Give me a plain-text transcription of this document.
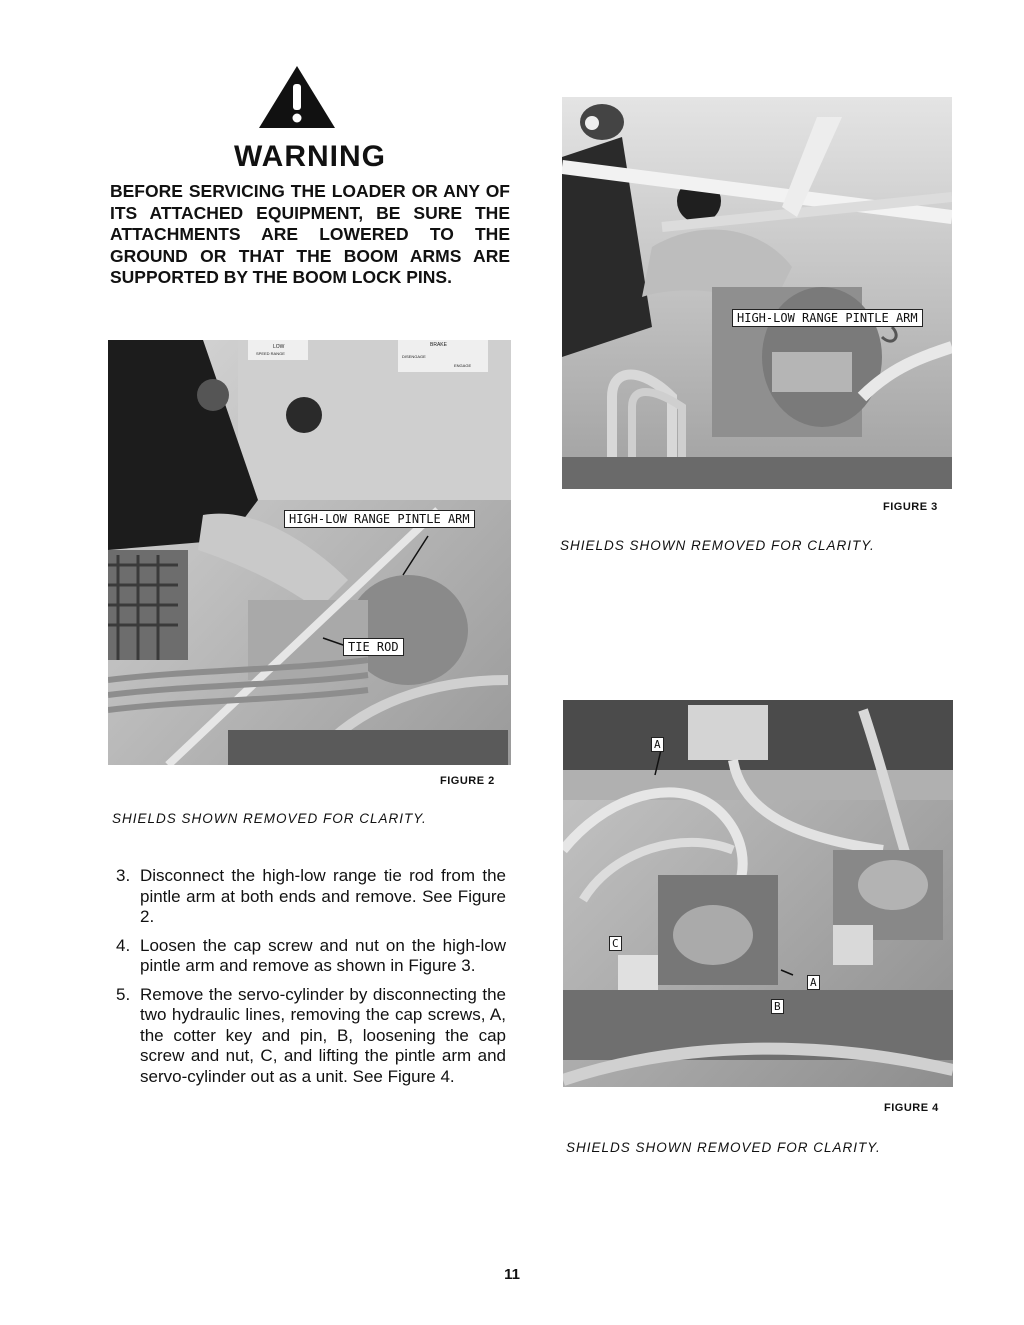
WARNING
BEFORE SERVICING THE LOADER OR ANY OF ITS ATTACHED EQUIPMENT, BE SURE THE ATTACHMENTS ARE LOWERED TO THE GROUND OR THAT THE BOOM ARMS ARE SUPPORTED BY THE BOOM LOCK PINS.
LOW
SPEED RANGE
BRAKE
DISENGAGE
ENGAGE
HIGH-LOW RANGE PINTLE ARM
TIE ROD
FIGURE 2
SHIELDS SHOWN REMOVED FOR CLARITY.
HIGH-LOW RANGE PINTLE ARM
FIGURE 3
SHIELDS SHOWN REMOVED FOR CLARITY.
A
C
A
B
FIGURE 4
SHIELDS SHOWN REMOVED FOR CLARITY.
3. Disconnect the high-low range tie rod from the pintle arm at both ends and remove. See Figure 2.
4. Loosen the cap screw and nut on the high-low pintle arm and remove as shown in Figure 3.
5. Remove the servo-cylinder by disconnecting the two hydraulic lines, removing the cap screws, A, the cotter key and pin, B, loosening the cap screw and nut, C, and lifting the pintle arm and servo-cylinder out as a unit. See Figure 4.
11
